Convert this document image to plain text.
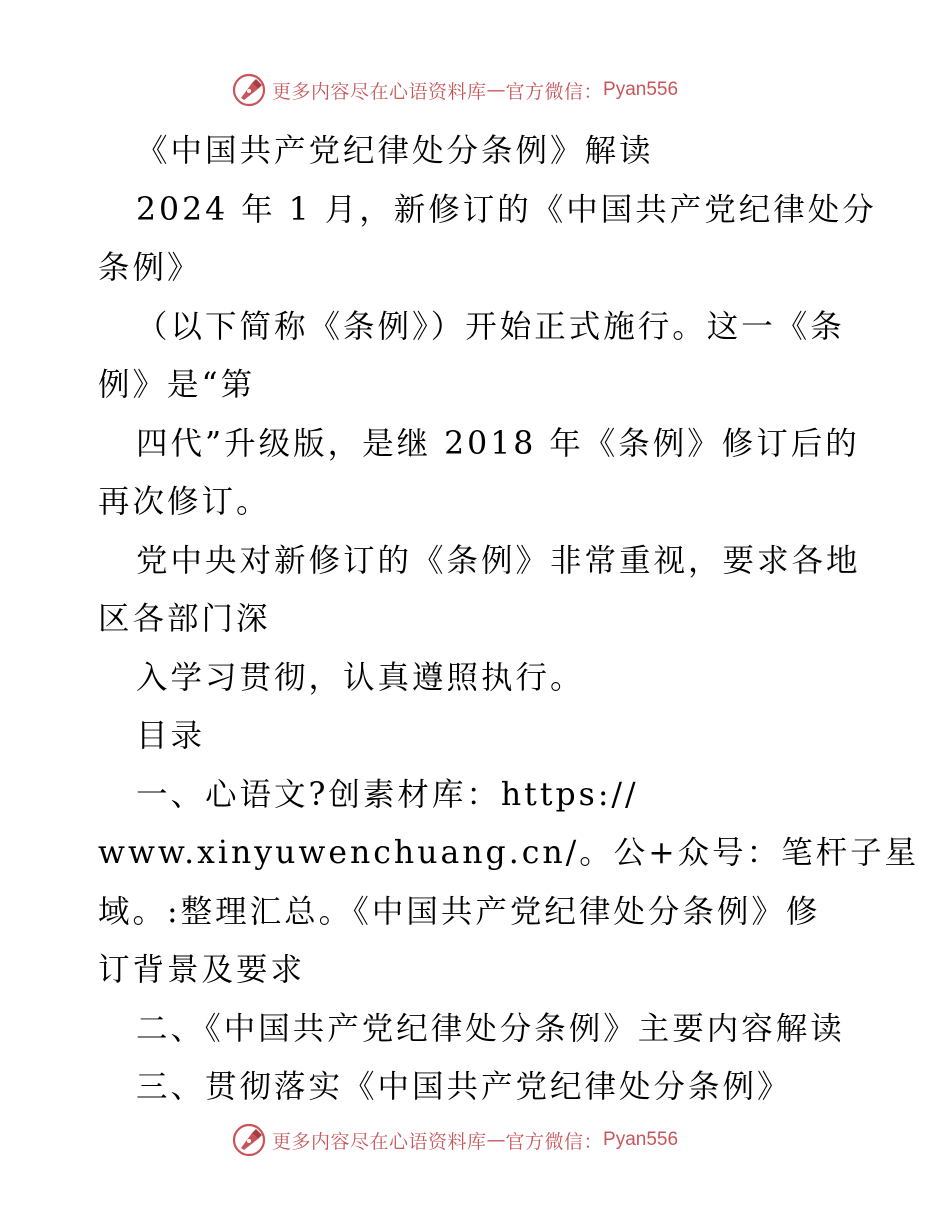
更多内容尽在心语资料库 — 官方微信： Pyan556
《中国共产党纪律处分条例》解读
2024 年 1 月，新修订的《中国共产党纪律处分
条例》
（以下简称《条例》）开始正式施行。这一《条
例》是“第
四代”升级版，是继 2018 年《条例》修订后的
再次修订。
党中央对新修订的《条例》非常重视，要求各地
区各部门深
入学习贯彻，认真遵照执行。
目录
一、心语文?创素材库：https://
www.xinyuwenchuang.cn/。公+众号：笔杆子星
域。:整理汇总。《中国共产党纪律处分条例》修
订背景及要求
二、《中国共产党纪律处分条例》主要内容解读
三、贯彻落实《中国共产党纪律处分条例》
更多内容尽在心语资料库 — 官方微信： Pyan556
